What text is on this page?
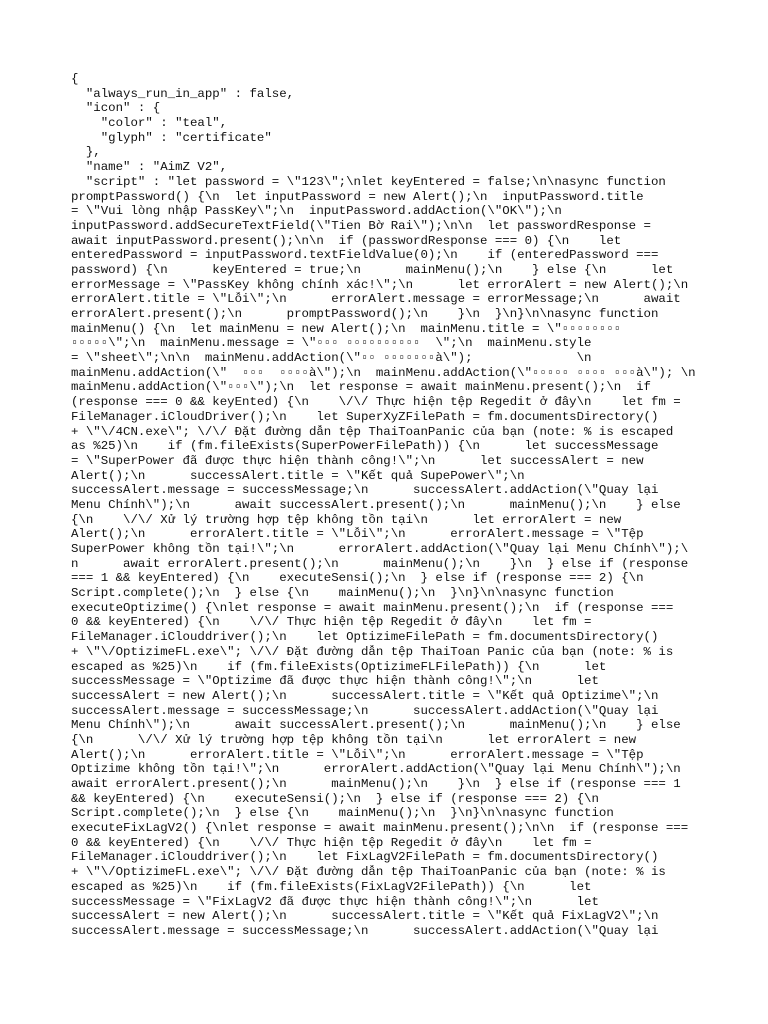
{
"always_run_in_app" : false,
"icon" : {
"color" : "teal",
"glyph" : "certificate"
},
"name" : "AimZ V2",
"script" : "let password = \"123\";\nlet keyEntered = false;\n\nasync function
promptPassword() {\n  let inputPassword = new Alert();\n  inputPassword.title
= \"Vui lòng nhập PassKey\";\n  inputPassword.addAction(\"OK\");\n
inputPassword.addSecureTextField(\"Tien Bờ Rai\");\n\n  let passwordResponse =
await inputPassword.present();\n\n  if (passwordResponse === 0) {\n    let
enteredPassword = inputPassword.textFieldValue(0);\n    if (enteredPassword ===
password) {\n      keyEntered = true;\n      mainMenu();\n    } else {\n      let
errorMessage = \"PassKey không chính xác!\";\n      let errorAlert = new Alert();\n
errorAlert.title = \"Lỗi\";\n      errorAlert.message = errorMessage;\n      await
errorAlert.present();\n      promptPassword();\n    }\n  }\n}\n\nasync function
mainMenu() {\n  let mainMenu = new Alert();\n  mainMenu.title = \"▫▫▫▫▫▫▫▫
▫▫▫▫▫\";\n  mainMenu.message = \"▫▫▫ ▫▫▫▫▫▫▫▫▫▫  \";\n  mainMenu.style
= \"sheet\";\n\n  mainMenu.addAction(\"▫▫ ▫▫▫▫▫▫▫à\");              \n
mainMenu.addAction(\"  ▫▫▫  ▫▫▫▫à\");\n  mainMenu.addAction(\"▫▫▫▫▫ ▫▫▫▫ ▫▫▫à\"); \n
mainMenu.addAction(\"▫▫▫\");\n  let response = await mainMenu.present();\n  if
(response === 0 && keyEnted) {\n    \/\/ Thực hiện tệp Regedit ở đây\n    let fm =
FileManager.iCloudDriver();\n    let SuperXyZFilePath = fm.documentsDirectory()
+ \"\/4CN.exe\"; \/\/ Đặt đường dẫn tệp ThaiToanPanic của bạn (note: % is escaped
as %25)\n    if (fm.fileExists(SuperPowerFilePath)) {\n      let successMessage
= \"SuperPower đã được thực hiện thành công!\";\n      let successAlert = new
Alert();\n      successAlert.title = \"Kết quả SupePower\";\n
successAlert.message = successMessage;\n      successAlert.addAction(\"Quay lại
Menu Chính\");\n      await successAlert.present();\n      mainMenu();\n    } else
{\n    \/\/ Xử lý trường hợp tệp không tồn tại\n      let errorAlert = new
Alert();\n      errorAlert.title = \"Lỗi\";\n      errorAlert.message = \"Tệp
SuperPower không tồn tại!\";\n      errorAlert.addAction(\"Quay lại Menu Chính\");\
n      await errorAlert.present();\n      mainMenu();\n    }\n  } else if (response
=== 1 && keyEntered) {\n    executeSensi();\n  } else if (response === 2) {\n
Script.complete();\n  } else {\n    mainMenu();\n  }\n}\n\nasync function
executeOptizime() {\nlet response = await mainMenu.present();\n  if (response ===
0 && keyEntered) {\n    \/\/ Thực hiện tệp Regedit ở đây\n    let fm =
FileManager.iClouddriver();\n    let OptizimeFilePath = fm.documentsDirectory()
+ \"\/OptizimeFL.exe\"; \/\/ Đặt đường dẫn tệp ThaiToan Panic của bạn (note: % is
escaped as %25)\n    if (fm.fileExists(OptizimeFLFilePath)) {\n      let
successMessage = \"Optizime đã được thực hiện thành công!\";\n      let
successAlert = new Alert();\n      successAlert.title = \"Kết quả Optizime\";\n
successAlert.message = successMessage;\n      successAlert.addAction(\"Quay lại
Menu Chính\");\n      await successAlert.present();\n      mainMenu();\n    } else
{\n      \/\/ Xử lý trường hợp tệp không tồn tại\n      let errorAlert = new
Alert();\n      errorAlert.title = \"Lỗi\";\n      errorAlert.message = \"Tệp
Optizime không tồn tại!\";\n      errorAlert.addAction(\"Quay lại Menu Chính\");\n
await errorAlert.present();\n      mainMenu();\n    }\n  } else if (response === 1
&& keyEntered) {\n    executeSensi();\n  } else if (response === 2) {\n
Script.complete();\n  } else {\n    mainMenu();\n  }\n}\n\nasync function
executeFixLagV2() {\nlet response = await mainMenu.present();\n\n  if (response ===
0 && keyEntered) {\n    \/\/ Thực hiện tệp Regedit ở đây\n    let fm =
FileManager.iClouddriver();\n    let FixLagV2FilePath = fm.documentsDirectory()
+ \"\/OptizimeFL.exe\"; \/\/ Đặt đường dẫn tệp ThaiToanPanic của bạn (note: % is
escaped as %25)\n    if (fm.fileExists(FixLagV2FilePath)) {\n      let
successMessage = \"FixLagV2 đã được thực hiện thành công!\";\n      let
successAlert = new Alert();\n      successAlert.title = \"Kết quả FixLagV2\";\n
successAlert.message = successMessage;\n      successAlert.addAction(\"Quay lại
